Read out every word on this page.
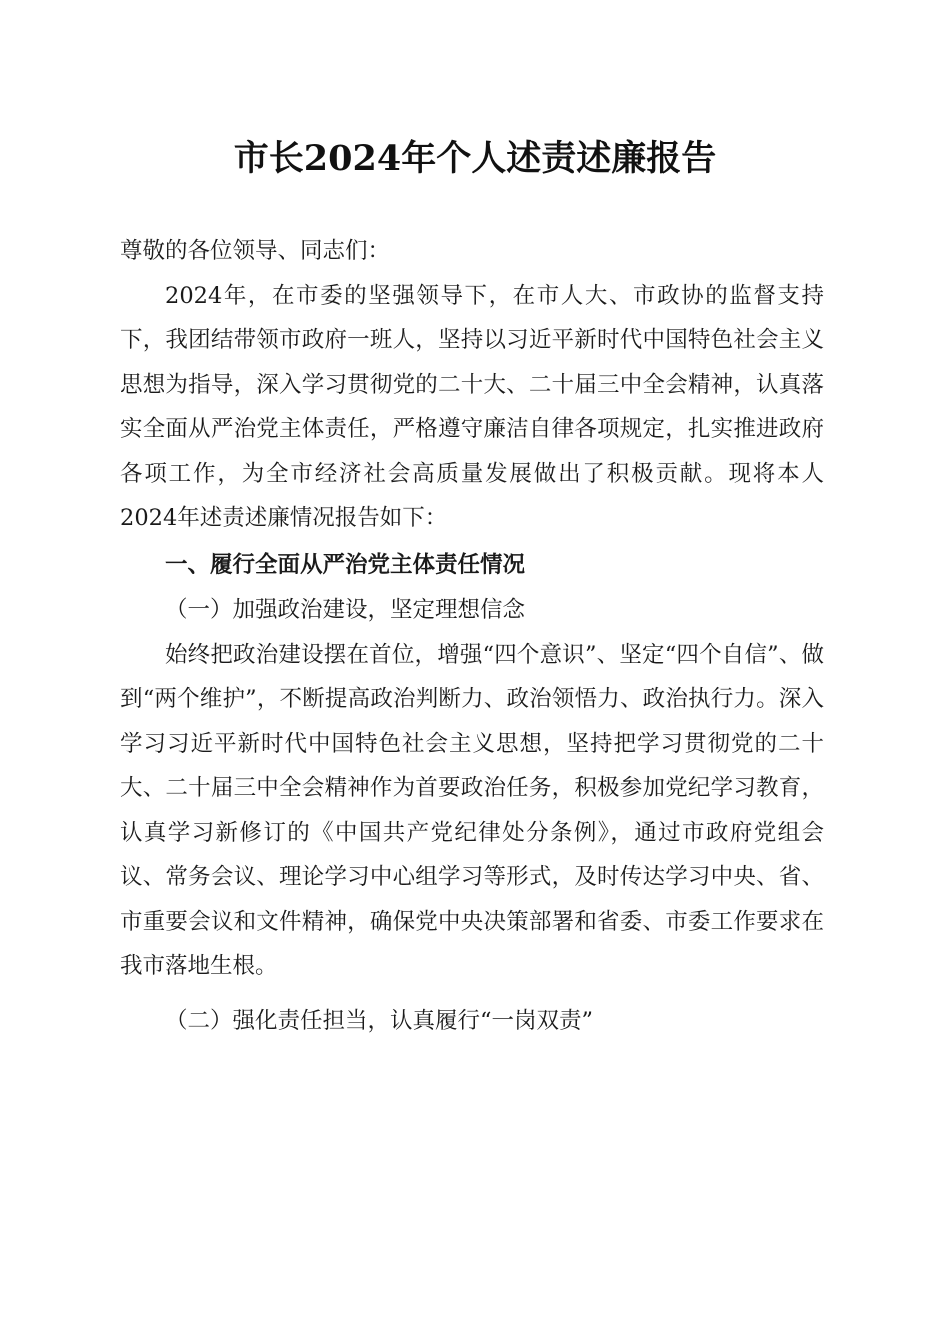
市长2024年个人述责述廉报告

尊敬的各位领导、同志们：

2024年，在市委的坚强领导下，在市人大、市政协的监督支持下，我团结带领市政府一班人，坚持以习近平新时代中国特色社会主义思想为指导，深入学习贯彻党的二十大、二十届三中全会精神，认真落实全面从严治党主体责任，严格遵守廉洁自律各项规定，扎实推进政府各项工作，为全市经济社会高质量发展做出了积极贡献。现将本人2024年述责述廉情况报告如下：

一、履行全面从严治党主体责任情况

（一）加强政治建设，坚定理想信念

始终把政治建设摆在首位，增强“四个意识”、坚定“四个自信”、做到“两个维护”，不断提高政治判断力、政治领悟力、政治执行力。深入学习习近平新时代中国特色社会主义思想，坚持把学习贯彻党的二十大、二十届三中全会精神作为首要政治任务，积极参加党纪学习教育，认真学习新修订的《中国共产党纪律处分条例》，通过市政府党组会议、常务会议、理论学习中心组学习等形式，及时传达学习中央、省、市重要会议和文件精神，确保党中央决策部署和省委、市委工作要求在我市落地生根。

（二）强化责任担当，认真履行“一岗双责”
